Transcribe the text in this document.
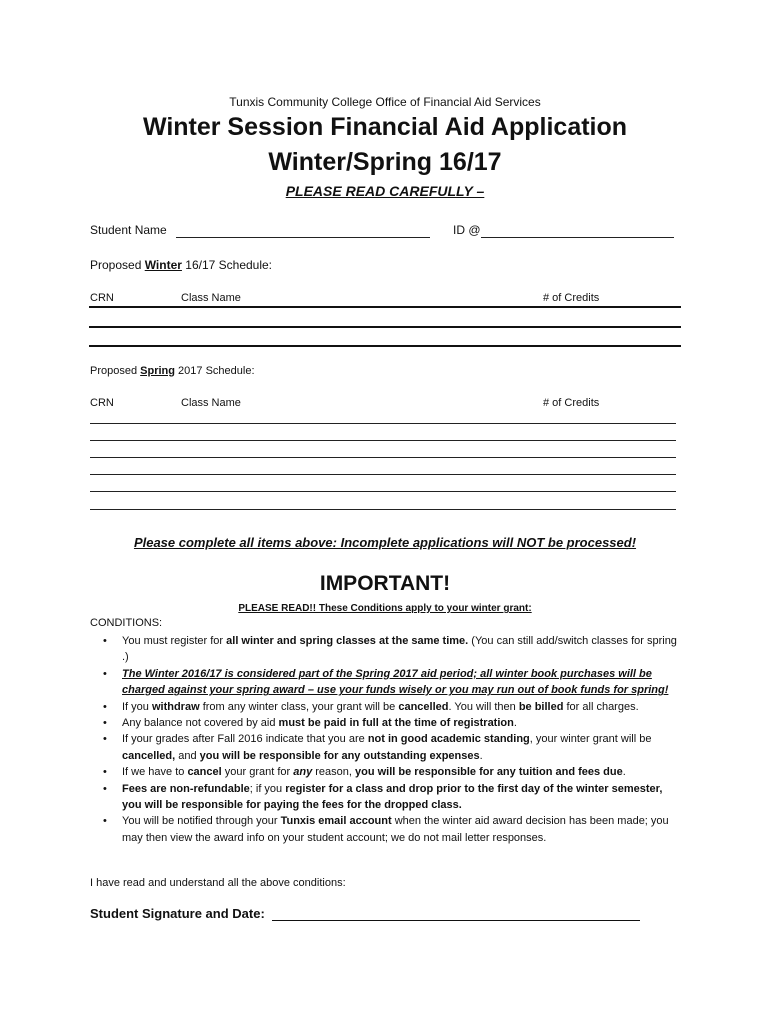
Tunxis Community College Office of Financial Aid Services
Winter Session Financial Aid Application
Winter/Spring 16/17
PLEASE READ CAREFULLY –
Student Name	ID @
Proposed Winter 16/17 Schedule:
CRN	Class Name	# of Credits
Proposed Spring 2017 Schedule:
CRN	Class Name	# of Credits
Please complete all items above: Incomplete applications will NOT be processed!
IMPORTANT!
PLEASE READ!! These Conditions apply to your winter grant:
CONDITIONS:
• You must register for all winter and spring classes at the same time. (You can still add/switch classes for spring .)
• The Winter 2016/17 is considered part of the Spring 2017 aid period; all winter book purchases will be charged against your spring award – use your funds wisely or you may run out of book funds for spring!
• If you withdraw from any winter class, your grant will be cancelled. You will then be billed for all charges.
• Any balance not covered by aid must be paid in full at the time of registration.
• If your grades after Fall 2016 indicate that you are not in good academic standing, your winter grant will be cancelled, and you will be responsible for any outstanding expenses.
• If we have to cancel your grant for any reason, you will be responsible for any tuition and fees due.
• Fees are non-refundable; if you register for a class and drop prior to the first day of the winter semester, you will be responsible for paying the fees for the dropped class.
• You will be notified through your Tunxis email account when the winter aid award decision has been made; you may then view the award info on your student account; we do not mail letter responses.
I have read and understand all the above conditions:
Student Signature and Date:
